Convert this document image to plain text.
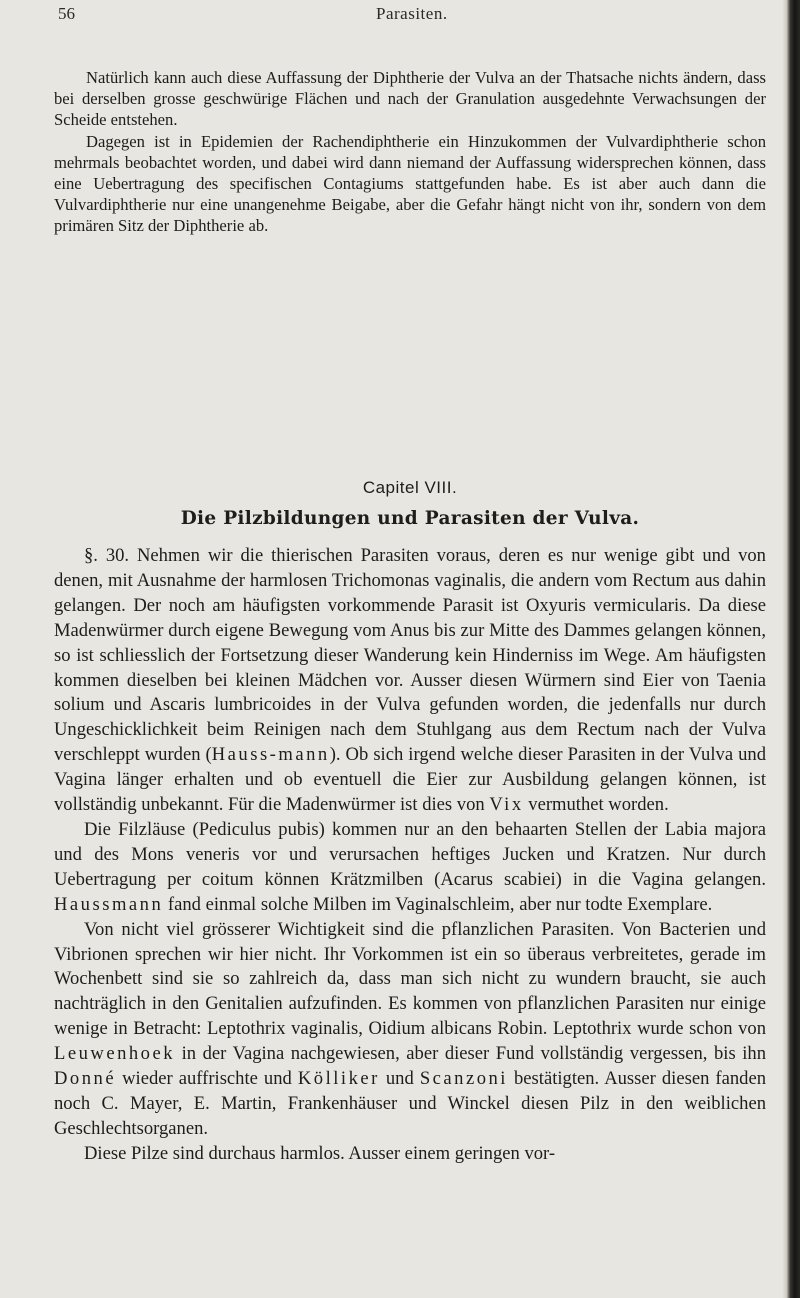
56	Parasiten.

Natürlich kann auch diese Auffassung der Diphtherie der Vulva an der Thatsache nichts ändern, dass bei derselben grosse geschwürige Flächen und nach der Granulation ausgedehnte Verwachsungen der Scheide entstehen.

Dagegen ist in Epidemien der Rachendiphtherie ein Hinzukommen der Vulvardiphtherie schon mehrmals beobachtet worden, und dabei wird dann niemand der Auffassung widersprechen können, dass eine Uebertragung des specifischen Contagiums stattgefunden habe. Es ist aber auch dann die Vulvardiphtherie nur eine unangenehme Beigabe, aber die Gefahr hängt nicht von ihr, sondern von dem primären Sitz der Diphtherie ab.

Capitel VIII.
Die Pilzbildungen und Parasiten der Vulva.

§. 30. Nehmen wir die thierischen Parasiten voraus, deren es nur wenige gibt und von denen, mit Ausnahme der harmlosen Trichomonas vaginalis, die andern vom Rectum aus dahin gelangen. Der noch am häufigsten vorkommende Parasit ist Oxyuris vermicularis. Da diese Madenwürmer durch eigene Bewegung vom Anus bis zur Mitte des Dammes gelangen können, so ist schliesslich der Fortsetzung dieser Wanderung kein Hinderniss im Wege. Am häufigsten kommen dieselben bei kleinen Mädchen vor. Ausser diesen Würmern sind Eier von Taenia solium und Ascaris lumbricoides in der Vulva gefunden worden, die jedenfalls nur durch Ungeschicklichkeit beim Reinigen nach dem Stuhlgang aus dem Rectum nach der Vulva verschleppt wurden (Hauss-mann). Ob sich irgend welche dieser Parasiten in der Vulva und Vagina länger erhalten und ob eventuell die Eier zur Ausbildung gelangen können, ist vollständig unbekannt. Für die Madenwürmer ist dies von Vix vermuthet worden.

Die Filzläuse (Pediculus pubis) kommen nur an den behaarten Stellen der Labia majora und des Mons veneris vor und verursachen heftiges Jucken und Kratzen. Nur durch Uebertragung per coitum können Krätzmilben (Acarus scabiei) in die Vagina gelangen. Haussmann fand einmal solche Milben im Vaginalschleim, aber nur todte Exemplare.

Von nicht viel grösserer Wichtigkeit sind die pflanzlichen Parasiten. Von Bacterien und Vibrionen sprechen wir hier nicht. Ihr Vorkommen ist ein so überaus verbreitetes, gerade im Wochenbett sind sie so zahlreich da, dass man sich nicht zu wundern braucht, sie auch nachträglich in den Genitalien aufzufinden. Es kommen von pflanzlichen Parasiten nur einige wenige in Betracht: Leptothrix vaginalis, Oidium albicans Robin. Leptothrix wurde schon von Leuwenhoek in der Vagina nachgewiesen, aber dieser Fund vollständig vergessen, bis ihn Donné wieder auffrischte und Kölliker und Scanzoni bestätigten. Ausser diesen fanden noch C. Mayer, E. Martin, Frankenhäuser und Winckel diesen Pilz in den weiblichen Geschlechtsorganen.

Diese Pilze sind durchaus harmlos. Ausser einem geringen vor-
